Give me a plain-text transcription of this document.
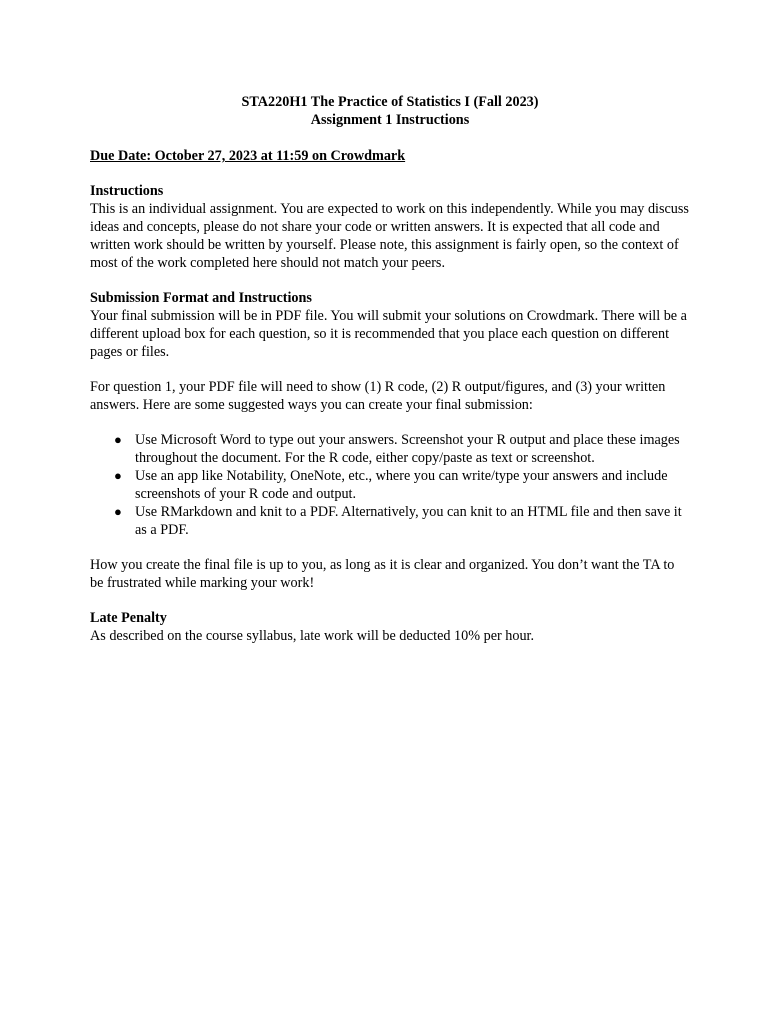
STA220H1 The Practice of Statistics I (Fall 2023)
Assignment 1 Instructions

Due Date: October 27, 2023 at 11:59 on Crowdmark

Instructions

This is an individual assignment. You are expected to work on this independently. While you may discuss ideas and concepts, please do not share your code or written answers. It is expected that all code and written work should be written by yourself. Please note, this assignment is fairly open, so the context of most of the work completed here should not match your peers.

Submission Format and Instructions

Your final submission will be in PDF file. You will submit your solutions on Crowdmark. There will be a different upload box for each question, so it is recommended that you place each question on different pages or files.

For question 1, your PDF file will need to show (1) R code, (2) R output/figures, and (3) your written answers. Here are some suggested ways you can create your final submission:

● Use Microsoft Word to type out your answers. Screenshot your R output and place these images throughout the document. For the R code, either copy/paste as text or screenshot.
● Use an app like Notability, OneNote, etc., where you can write/type your answers and include screenshots of your R code and output.
● Use RMarkdown and knit to a PDF. Alternatively, you can knit to an HTML file and then save it as a PDF.

How you create the final file is up to you, as long as it is clear and organized. You don’t want the TA to be frustrated while marking your work!

Late Penalty

As described on the course syllabus, late work will be deducted 10% per hour.
